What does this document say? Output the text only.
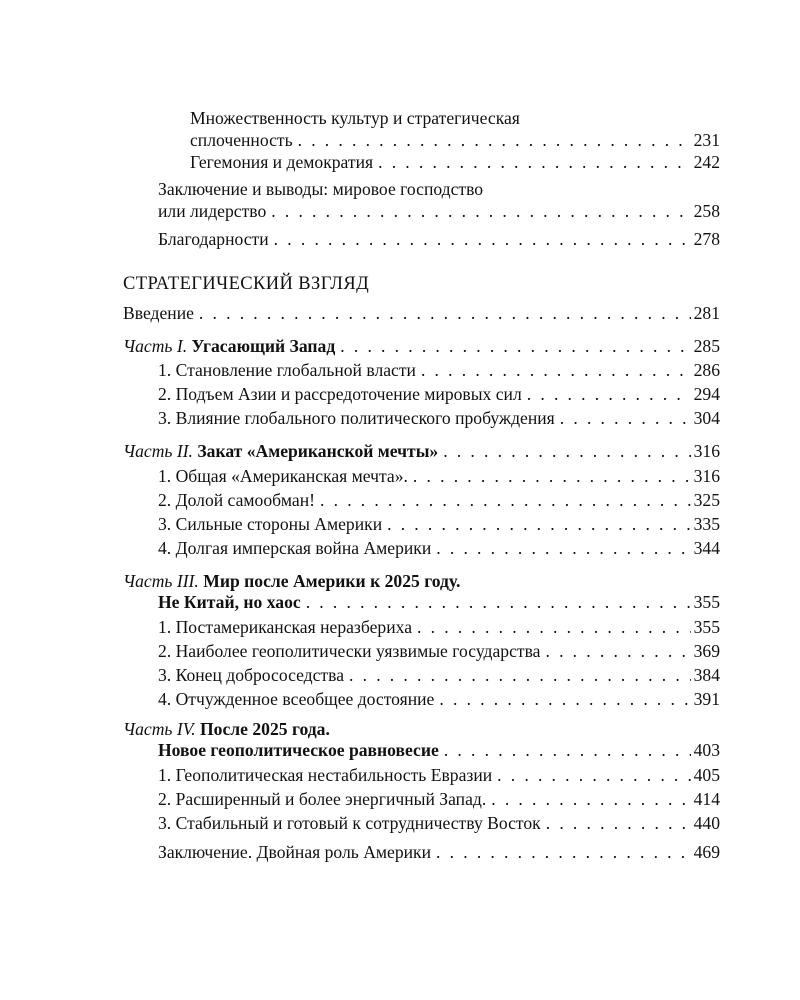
Множественность культур и стратегическая
сплоченность . . .	231
Гегемония и демократия . . .	242
Заключение и выводы: мировое господство
или лидерство . . .	258
Благодарности . . .	278
СТРАТЕГИЧЕСКИЙ ВЗГЛЯД
Введение . . .	281
Часть I. Угасающий Запад . . .	285
1. Становление глобальной власти . . .	286
2. Подъем Азии и рассредоточение мировых сил . . .	294
3. Влияние глобального политического пробуждения . . .	304
Часть II. Закат «Американской мечты» . . .	316
1. Общая «Американская мечта». . . .	316
2. Долой самообман! . . .	325
3. Сильные стороны Америки . . .	335
4. Долгая имперская война Америки . . .	344
Часть III. Мир после Америки к 2025 году.
Не Китай, но хаос . . .	355
1. Постамериканская неразбериха . . .	355
2. Наиболее геополитически уязвимые государства . . .	369
3. Конец добрососедства . . .	384
4. Отчужденное всеобщее достояние . . .	391
Часть IV. После 2025 года.
Новое геополитическое равновесие . . .	403
1. Геополитическая нестабильность Евразии . . .	405
2. Расширенный и более энергичный Запад. . . .	414
3. Стабильный и готовый к сотрудничеству Восток . . .	440
Заключение. Двойная роль Америки . . .	469
